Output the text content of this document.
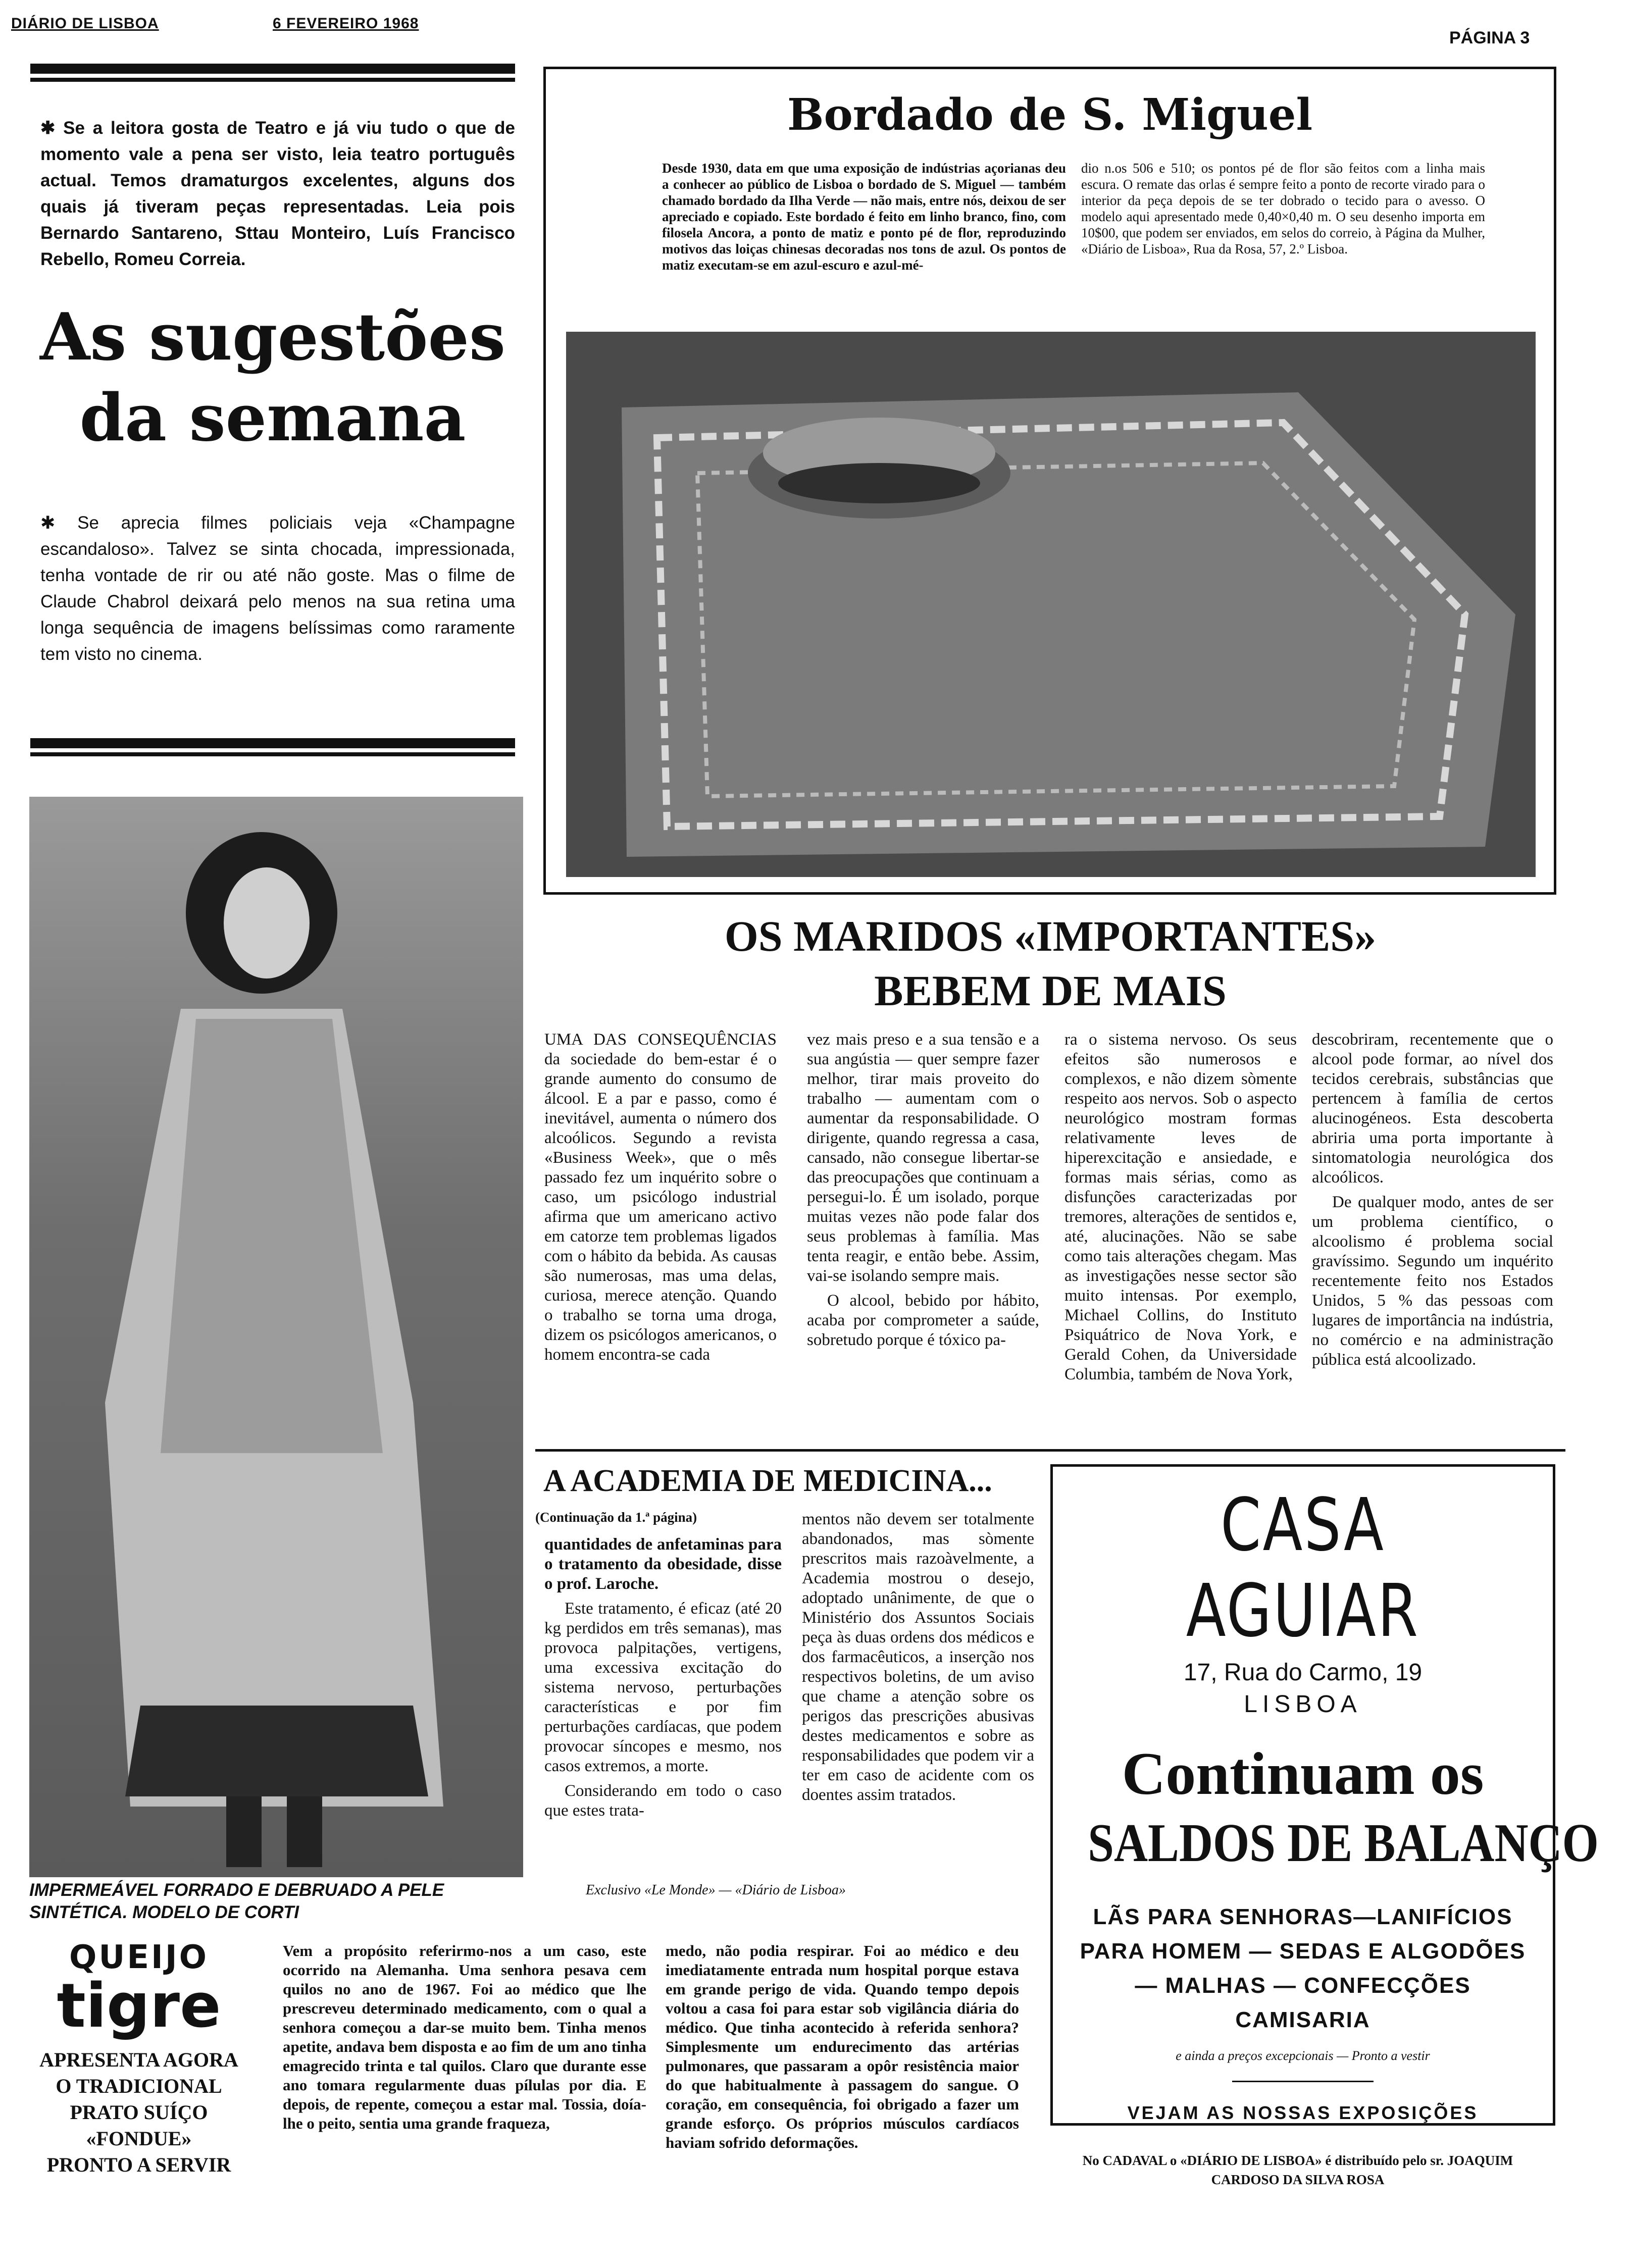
DIÁRIO DE LISBOA	6 FEVEREIRO 1968
PÁGINA 3
✱ Se a leitora gosta de Teatro e já viu tudo o que de momento vale a pena ser visto, leia teatro português actual. Temos dramaturgos excelentes, alguns dos quais já tiveram peças representadas. Leia pois Bernardo Santareno, Sttau Monteiro, Luís Francisco Rebello, Romeu Correia.
As sugestões
da semana
✱ Se aprecia filmes policiais veja «Champagne escandaloso». Talvez se sinta chocada, impressionada, tenha vontade de rir ou até não goste. Mas o filme de Claude Chabrol deixará pelo menos na sua retina uma longa sequência de imagens belíssimas como raramente tem visto no cinema.
IMPERMEÁVEL FORRADO E DEBRUADO A PELE SINTÉTICA. MODELO DE CORTI
Bordado de S. Miguel
Desde 1930, data em que uma exposição de indústrias açorianas deu a conhecer ao público de Lisboa o bordado de S. Miguel — também chamado bordado da Ilha Verde — não mais, entre nós, deixou de ser apreciado e copiado. Este bordado é feito em linho branco, fino, com filosela Ancora, a ponto de matiz e ponto pé de flor, reproduzindo motivos das loiças chinesas decoradas nos tons de azul. Os pontos de matiz executam-se em azul-escuro e azul-mé-
dio n.os 506 e 510; os pontos pé de flor são feitos com a linha mais escura. O remate das orlas é sempre feito a ponto de recorte virado para o interior da peça depois de se ter dobrado o tecido para o avesso. O modelo aqui apresentado mede 0,40×0,40 m. O seu desenho importa em 10$00, que podem ser enviados, em selos do correio, à Página da Mulher, «Diário de Lisboa», Rua da Rosa, 57, 2.º Lisboa.
OS MARIDOS «IMPORTANTES»
BEBEM DE MAIS
UMA DAS CONSEQUÊNCIAS da sociedade do bem-estar é o grande aumento do consumo de álcool. E a par e passo, como é inevitável, aumenta o número dos alcoólicos. Segundo a revista «Business Week», que o mês passado fez um inquérito sobre o caso, um psicólogo industrial afirma que um americano activo em catorze tem problemas ligados com o hábito da bebida. As causas são numerosas, mas uma delas, curiosa, merece atenção. Quando o trabalho se torna uma droga, dizem os psicólogos americanos, o homem encontra-se cada

vez mais preso e a sua tensão e a sua angústia — quer sempre fazer melhor, tirar mais proveito do trabalho — aumentam com o aumentar da responsabilidade. O dirigente, quando regressa a casa, cansado, não consegue libertar-se das preocupações que continuam a persegui-lo. É um isolado, porque muitas vezes não pode falar dos seus problemas à família. Mas tenta reagir, e então bebe. Assim, vai-se isolando sempre mais.

O alcool, bebido por hábito, acaba por comprometer a saúde, sobretudo porque é tóxico pa-

ra o sistema nervoso. Os seus efeitos são numerosos e complexos, e não dizem sòmente respeito aos nervos. Sob o aspecto neurológico mostram formas relativamente leves de hiperexcitação e ansiedade, e formas mais sérias, como as disfunções caracterizadas por tremores, alterações de sentidos e, até, alucinações. Não se sabe como tais alterações chegam. Mas as investigações nesse sector são muito intensas. Por exemplo, Michael Collins, do Instituto Psiquátrico de Nova York, e Gerald Cohen, da Universidade Columbia, também de Nova York,

descobriram, recentemente que o alcool pode formar, ao nível dos tecidos cerebrais, substâncias que pertencem à família de certos alucinogéneos. Esta descoberta abriria uma porta importante à sintomatologia neurológica dos alcoólicos.

De qualquer modo, antes de ser um problema científico, o alcoolismo é problema social gravíssimo. Segundo um inquérito recentemente feito nos Estados Unidos, 5 % das pessoas com lugares de importância na indústria, no comércio e na administração pública está alcoolizado.

A ACADEMIA DE MEDICINA...
(Continuação da 1.ª página)

quantidades de anfetaminas para o tratamento da obesidade, disse o prof. Laroche.

Este tratamento, é eficaz (até 20 kg perdidos em três semanas), mas provoca palpitações, vertigens, uma excessiva excitação do sistema nervoso, perturbações características e por fim perturbações cardíacas, que podem provocar síncopes e mesmo, nos casos extremos, a morte.

Considerando em todo o caso que estes trata-

mentos não devem ser totalmente abandonados, mas sòmente prescritos mais razoàvelmente, a Academia mostrou o desejo, adoptado unânimente, de que o Ministério dos Assuntos Sociais peça às duas ordens dos médicos e dos farmacêuticos, a inserção nos respectivos boletins, de um aviso que chame a atenção sobre os perigos das prescrições abusivas destes medicamentos e sobre as responsabilidades que podem vir a ter em caso de acidente com os doentes assim tratados.
Exclusivo «Le Monde» — «Diário de Lisboa»
CASA AGUIAR
17, Rua do Carmo, 19
LISBOA
Continuam os
SALDOS DE BALANÇO
LÃS PARA SENHORAS—LANIFÍCIOS PARA HOMEM — SEDAS E ALGODÕES — MALHAS — CONFECÇÕES CAMISARIA
e ainda a preços excepcionais — Pronto a vestir
VEJAM AS NOSSAS EXPOSIÇÕES
QUEIJO
tigre
APRESENTA AGORA
O TRADICIONAL
PRATO SUÍÇO
«FONDUE»
PRONTO A SERVIR
Vem a propósito referirmo-nos a um caso, este ocorrido na Alemanha. Uma senhora pesava cem quilos no ano de 1967. Foi ao médico que lhe prescreveu determinado medicamento, com o qual a senhora começou a dar-se muito bem. Tinha menos apetite, andava bem disposta e ao fim de um ano tinha emagrecido trinta e tal quilos. Claro que durante esse ano tomara regularmente duas pílulas por dia. E depois, de repente, começou a estar mal. Tossia, doía-lhe o peito, sentia uma grande fraqueza,
medo, não podia respirar. Foi ao médico e deu imediatamente entrada num hospital porque estava em grande perigo de vida. Quando tempo depois voltou a casa foi para estar sob vigilância diária do médico. Que tinha acontecido à referida senhora? Simplesmente um endurecimento das artérias pulmonares, que passaram a opôr resistência maior do que habitualmente à passagem do sangue. O coração, em consequência, foi obrigado a fazer um grande esforço. Os próprios músculos cardíacos haviam sofrido deformações.
No CADAVAL o «DIÁRIO DE LISBOA» é distribuído pelo sr. JOAQUIM CARDOSO DA SILVA ROSA
